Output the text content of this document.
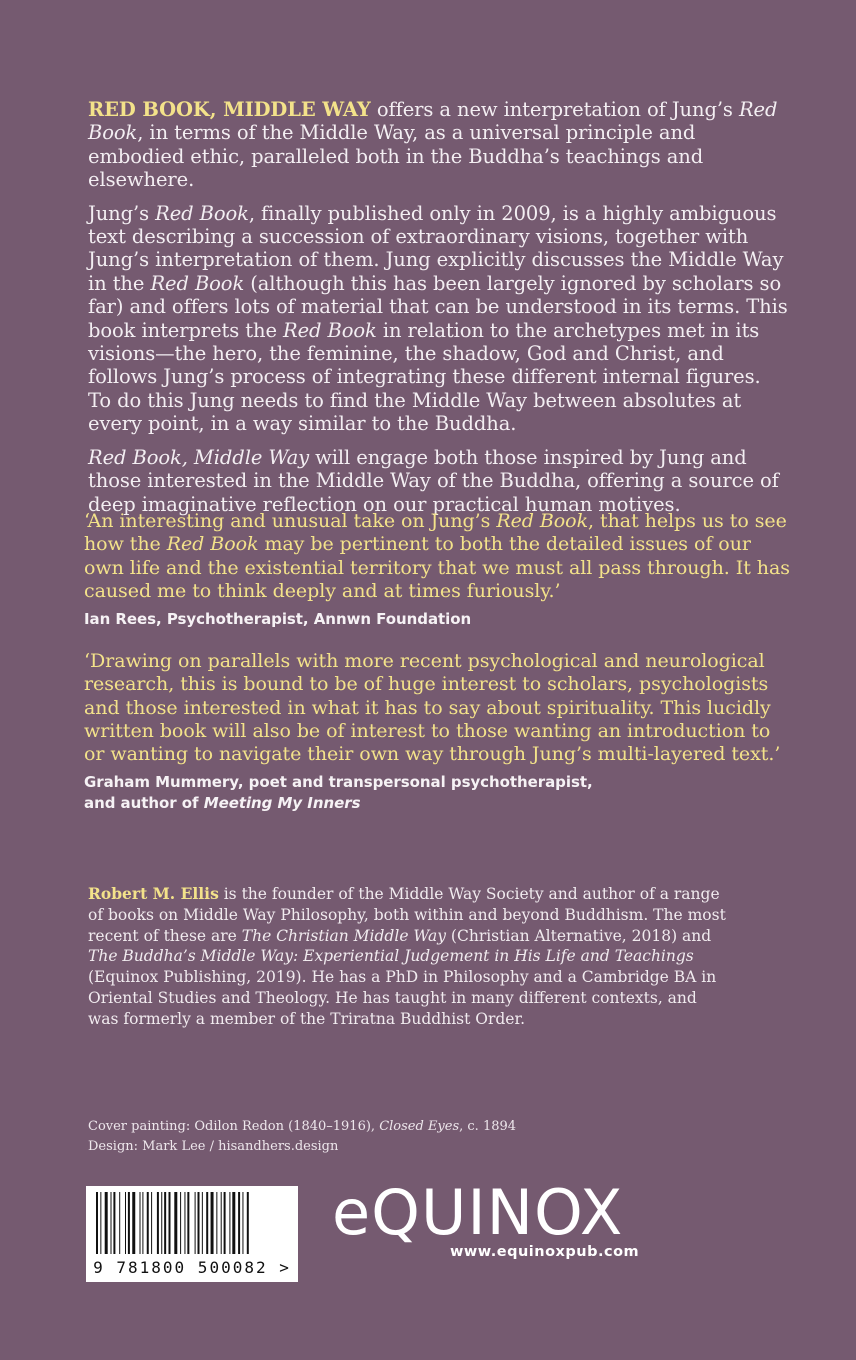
RED BOOK, MIDDLE WAY offers a new interpretation of Jung’s Red Book, in terms of the Middle Way, as a universal principle and embodied ethic, paralleled both in the Buddha’s teachings and elsewhere.

Jung’s Red Book, finally published only in 2009, is a highly ambiguous text describing a succession of extraordinary visions, together with Jung’s interpretation of them. Jung explicitly discusses the Middle Way in the Red Book (although this has been largely ignored by scholars so far) and offers lots of material that can be understood in its terms. This book interprets the Red Book in relation to the archetypes met in its visions—the hero, the feminine, the shadow, God and Christ, and follows Jung’s process of integrating these different internal figures. To do this Jung needs to find the Middle Way between absolutes at every point, in a way similar to the Buddha.

Red Book, Middle Way will engage both those inspired by Jung and those interested in the Middle Way of the Buddha, offering a source of deep imaginative reflection on our practical human motives.

‘An interesting and unusual take on Jung’s Red Book, that helps us to see how the Red Book may be pertinent to both the detailed issues of our own life and the existential territory that we must all pass through. It has caused me to think deeply and at times furiously.’
Ian Rees, Psychotherapist, Annwn Foundation
‘Drawing on parallels with more recent psychological and neurological research, this is bound to be of huge interest to scholars, psychologists and those interested in what it has to say about spirituality. This lucidly written book will also be of interest to those wanting an introduction to or wanting to navigate their own way through Jung’s multi-layered text.’
Graham Mummery, poet and transpersonal psychotherapist,
and author of Meeting My Inners
Robert M. Ellis is the founder of the Middle Way Society and author of a range of books on Middle Way Philosophy, both within and beyond Buddhism. The most recent of these are The Christian Middle Way (Christian Alternative, 2018) and The Buddha’s Middle Way: Experiential Judgement in His Life and Teachings (Equinox Publishing, 2019). He has a PhD in Philosophy and a Cambridge BA in Oriental Studies and Theology. He has taught in many different contexts, and was formerly a member of the Triratna Buddhist Order.
Cover painting: Odilon Redon (1840–1916), Closed Eyes, c. 1894
Design: Mark Lee / hisandhers.design
9 781800 500082 >
eQUINOX
www.equinoxpub.com
